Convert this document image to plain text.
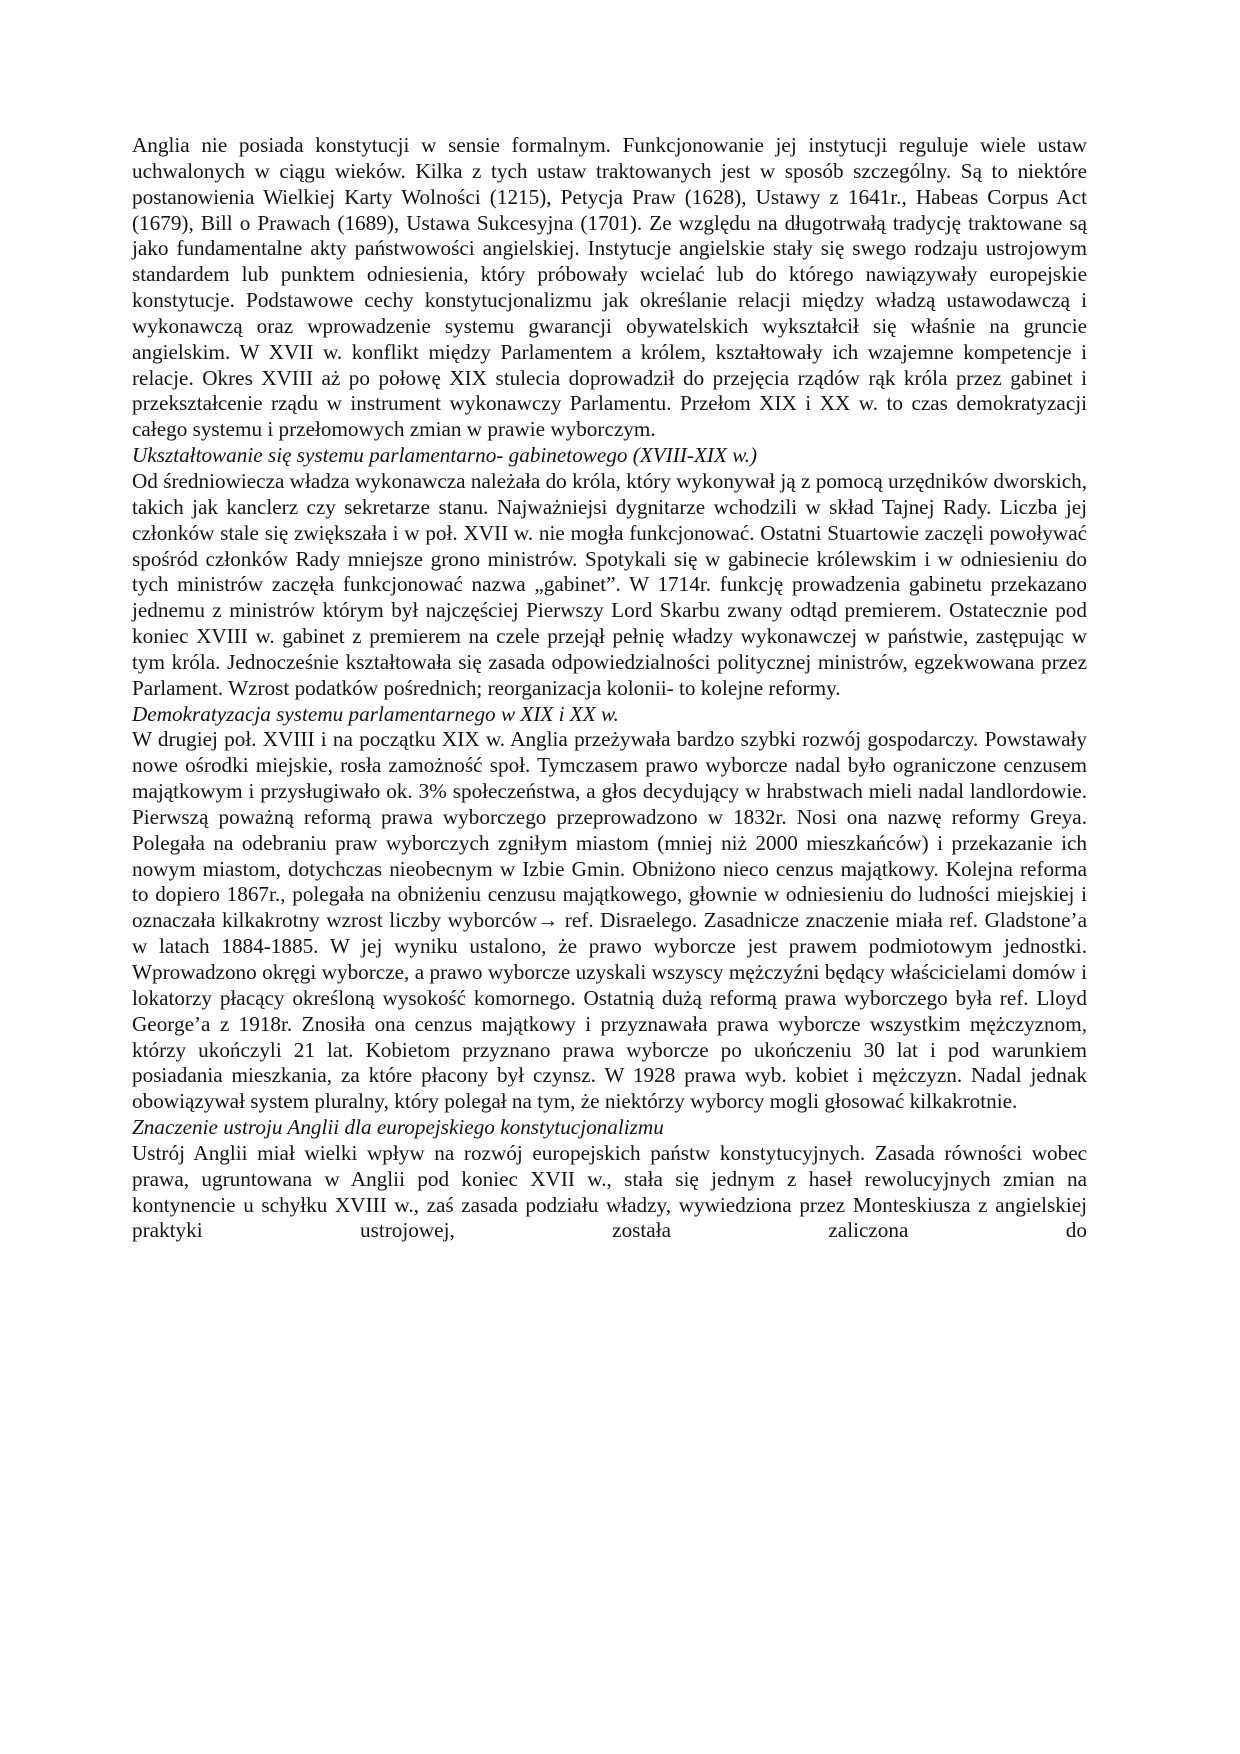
Anglia nie posiada konstytucji w sensie formalnym. Funkcjonowanie jej instytucji reguluje wiele ustaw uchwalonych w ciągu wieków. Kilka z tych ustaw traktowanych jest w sposób szczególny. Są to niektóre postanowienia Wielkiej Karty Wolności (1215), Petycja Praw (1628), Ustawy z 1641r., Habeas Corpus Act (1679), Bill o Prawach (1689), Ustawa Sukcesyjna (1701). Ze względu na długotrwałą tradycję traktowane są jako fundamentalne akty państwowości angielskiej. Instytucje angielskie stały się swego rodzaju ustrojowym standardem lub punktem odniesienia, który próbowały wcielać lub do którego nawiązywały europejskie konstytucje. Podstawowe cechy konstytucjonalizmu jak określanie relacji między władzą ustawodawczą i wykonawczą oraz wprowadzenie systemu gwarancji obywatelskich wykształcił się właśnie na gruncie angielskim. W XVII w. konflikt między Parlamentem a królem, kształtowały ich wzajemne kompetencje i relacje. Okres XVIII aż po połowę XIX stulecia doprowadził do przejęcia rządów rąk króla przez gabinet i przekształcenie rządu w instrument wykonawczy Parlamentu. Przełom XIX i XX w. to czas demokratyzacji całego systemu i przełomowych zmian w prawie wyborczym.

Ukształtowanie się systemu parlamentarno- gabinetowego (XVIII-XIX w.)

Od średniowiecza władza wykonawcza należała do króla, który wykonywał ją z pomocą urzędników dworskich, takich jak kanclerz czy sekretarze stanu. Najważniejsi dygnitarze wchodzili w skład Tajnej Rady. Liczba jej członków stale się zwiększała i w poł. XVII w. nie mogła funkcjonować. Ostatni Stuartowie zaczęli powoływać spośród członków Rady mniejsze grono ministrów. Spotykali się w gabinecie królewskim i w odniesieniu do tych ministrów zaczęła funkcjonować nazwa „gabinet”. W 1714r. funkcję prowadzenia gabinetu przekazano jednemu z ministrów którym był najczęściej Pierwszy Lord Skarbu zwany odtąd premierem. Ostatecznie pod koniec XVIII w. gabinet z premierem na czele przejął pełnię władzy wykonawczej w państwie, zastępując w tym króla. Jednocześnie kształtowała się zasada odpowiedzialności politycznej ministrów, egzekwowana przez Parlament. Wzrost podatków pośrednich; reorganizacja kolonii- to kolejne reformy.

Demokratyzacja systemu parlamentarnego w XIX i XX w.

W drugiej poł. XVIII i na początku XIX w. Anglia przeżywała bardzo szybki rozwój gospodarczy. Powstawały nowe ośrodki miejskie, rosła zamożność społ. Tymczasem prawo wyborcze nadal było ograniczone cenzusem majątkowym i przysługiwało ok. 3% społeczeństwa, a głos decydujący w hrabstwach mieli nadal landlordowie. Pierwszą poważną reformą prawa wyborczego przeprowadzono w 1832r. Nosi ona nazwę reformy Greya. Polegała na odebraniu praw wyborczych zgniłym miastom (mniej niż 2000 mieszkańców) i przekazanie ich nowym miastom, dotychczas nieobecnym w Izbie Gmin. Obniżono nieco cenzus majątkowy. Kolejna reforma to dopiero 1867r., polegała na obniżeniu cenzusu majątkowego, głownie w odniesieniu do ludności miejskiej i oznaczała kilkakrotny wzrost liczby wyborców→ ref. Disraelego. Zasadnicze znaczenie miała ref. Gladstone’a w latach 1884-1885. W jej wyniku ustalono, że prawo wyborcze jest prawem podmiotowym jednostki. Wprowadzono okręgi wyborcze, a prawo wyborcze uzyskali wszyscy mężczyźni będący właścicielami domów i lokatorzy płacący określoną wysokość komornego. Ostatnią dużą reformą prawa wyborczego była ref. Lloyd George’a z 1918r. Znosiła ona cenzus majątkowy i przyznawała prawa wyborcze wszystkim mężczyznom, którzy ukończyli 21 lat. Kobietom przyznano prawa wyborcze po ukończeniu 30 lat i pod warunkiem posiadania mieszkania, za które płacony był czynsz. W 1928 prawa wyb. kobiet i mężczyzn. Nadal jednak obowiązywał system pluralny, który polegał na tym, że niektórzy wyborcy mogli głosować kilkakrotnie.

Znaczenie ustroju Anglii dla europejskiego konstytucjonalizmu

Ustrój Anglii miał wielki wpływ na rozwój europejskich państw konstytucyjnych. Zasada równości wobec prawa, ugruntowana w Anglii pod koniec XVII w., stała się jednym z haseł rewolucyjnych zmian na kontynencie u schyłku XVIII w., zaś zasada podziału władzy, wywiedziona przez Monteskiusza z angielskiej praktyki ustrojowej, została zaliczona do
